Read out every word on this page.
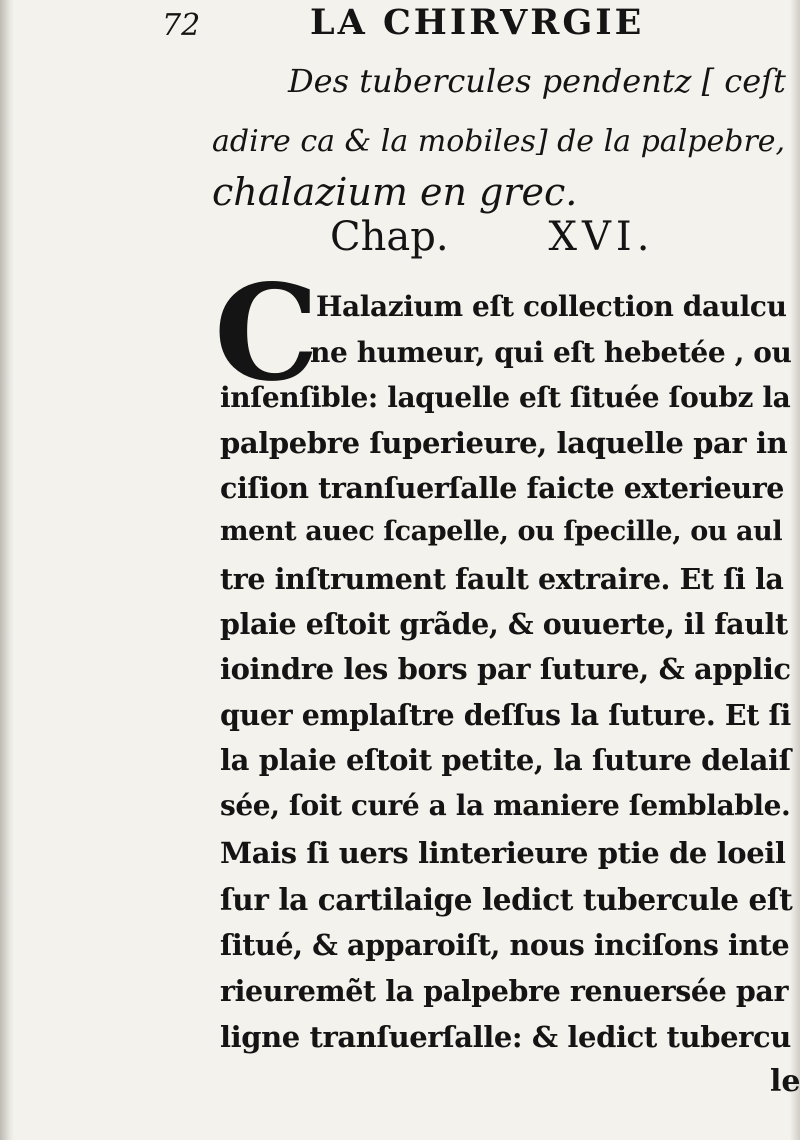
72	LA CHIRVRGIE
Des tubercules pendentz [ ceſt
adire ca & la mobiles] de la palpebre,
chalazium en grec.
Chap.	XVI.
C
Halazium eſt collection daulcu
ne humeur, qui eſt hebetée , ou
inſenſible: laquelle eſt ſituée ſoubz la
palpebre ſuperieure, laquelle par in
ciſion tranſuerſalle faicte exterieure
ment auec ſcapelle, ou ſpecille, ou aul
tre inſtrument fault extraire. Et ſi la
plaie eſtoit grãde, & ouuerte, il fault
ioindre les bors par ſuture, & applic
quer emplaſtre deſſus la ſuture. Et ſi
la plaie eſtoit petite, la ſuture delaiſ
sée, ſoit curé a la maniere ſemblable.
Mais ſi uers linterieure ptie de loeil
ſur la cartilaige ledict tubercule eſt
ſitué, & apparoiſt, nous inciſons inte
rieuremẽt la palpebre renuersée par
ligne tranſuerſalle: & ledict tubercu
le
